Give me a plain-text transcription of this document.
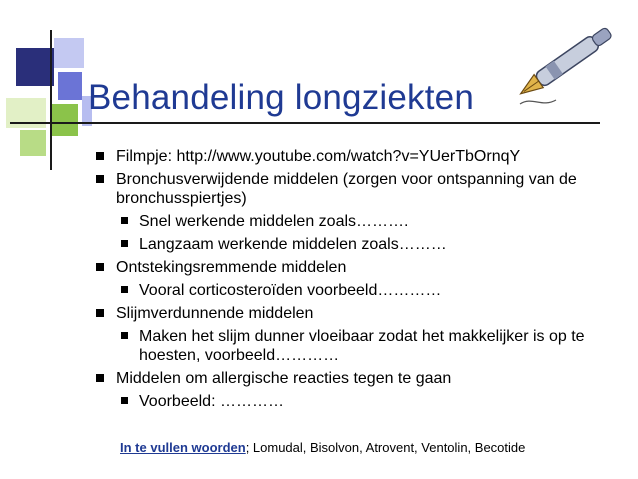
Behandeling longziekten
Filmpje: http://www.youtube.com/watch?v=YUerTbOrnqY
Bronchusverwijdende middelen (zorgen voor ontspanning van de bronchusspiertjes)
Snel werkende middelen zoals……….
Langzaam werkende middelen zoals………
Ontstekingsremmende middelen
Vooral corticosteroïden voorbeeld…………
Slijmverdunnende middelen
Maken het slijm dunner vloeibaar zodat het makkelijker is op te hoesten, voorbeeld…………
Middelen om allergische reacties tegen te gaan
Voorbeeld: …………
In te vullen woorden; Lomudal, Bisolvon, Atrovent, Ventolin, Becotide
